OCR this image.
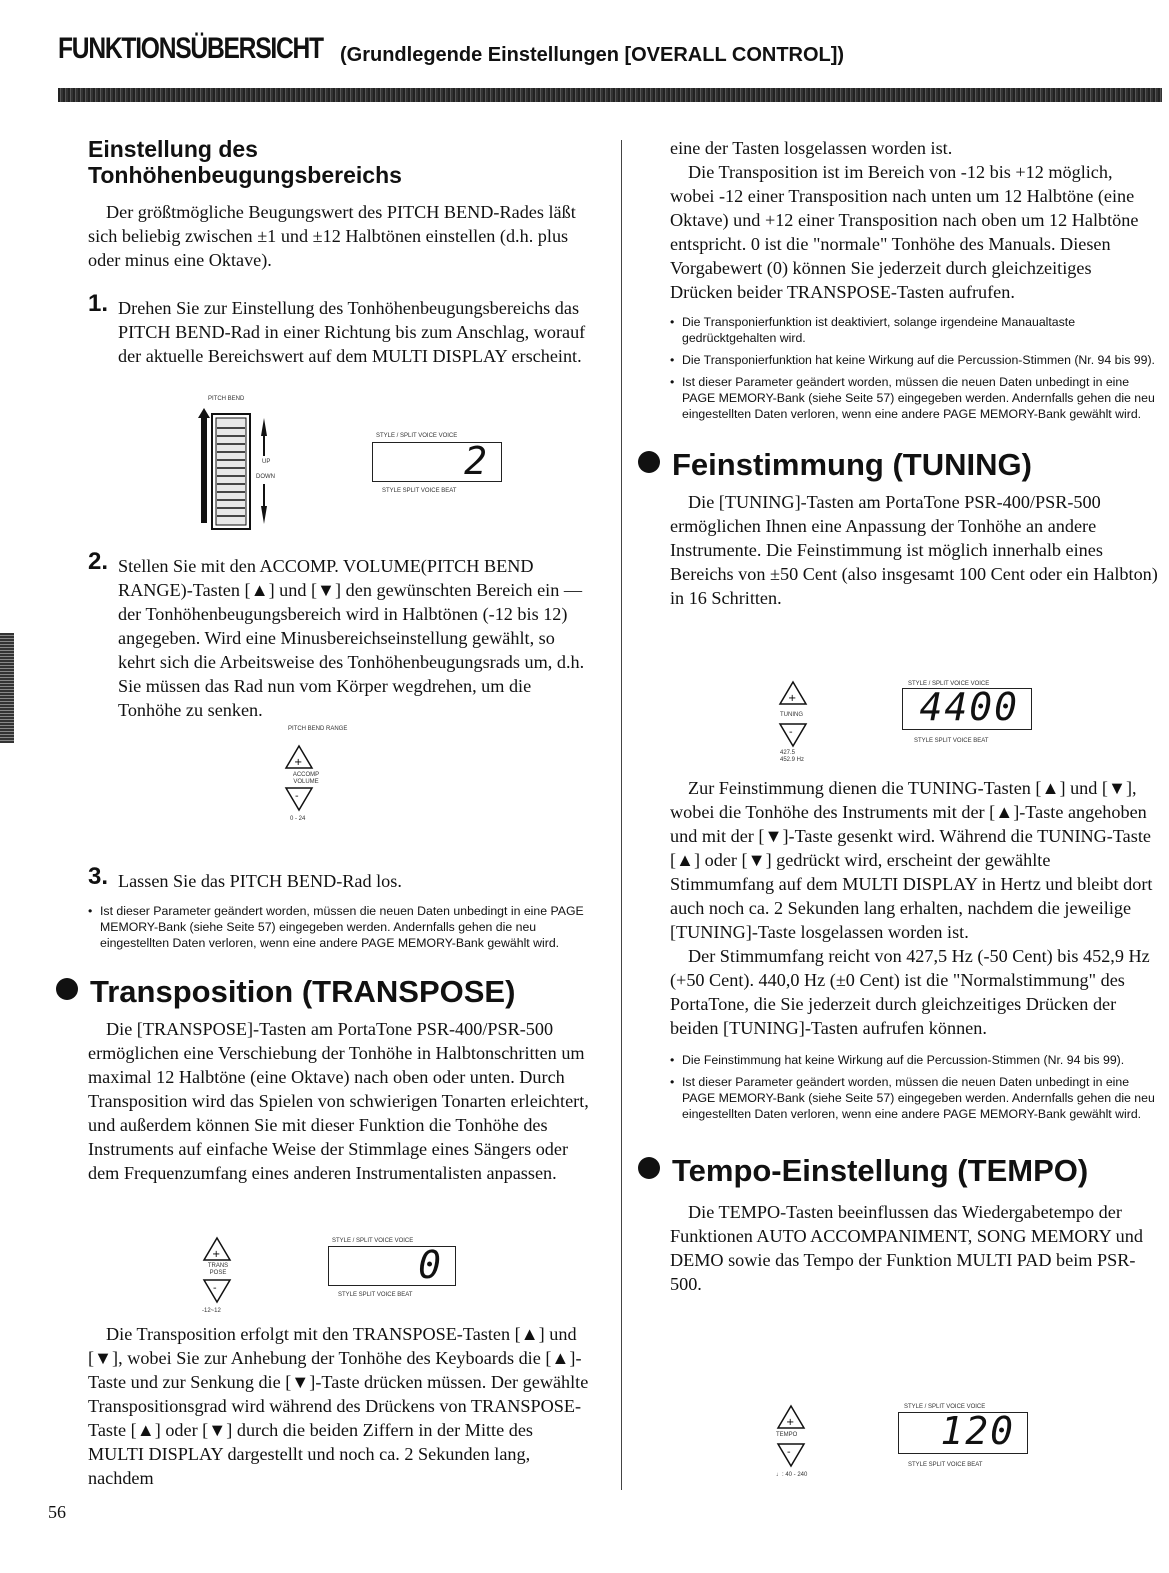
FUNKTIONSÜBERSICHT (Grundlegende Einstellungen [OVERALL CONTROL])
Einstellung des
Tonhöhenbeugungsbereichs

Der größtmögliche Beugungswert des PITCH BEND-Rades läßt sich beliebig zwischen ±1 und ±12 Halbtönen einstellen (d.h. plus oder minus eine Oktave).

1. Drehen Sie zur Einstellung des Tonhöhenbeugungsbereichs das PITCH BEND-Rad in einer Richtung bis zum Anschlag, worauf der aktuelle Bereichswert auf dem MULTI DISPLAY erscheint.

PITCH BEND
UP
DOWN
STYLE / SPLIT VOICE VOICE
2
STYLE SPLIT VOICE BEAT
2. Stellen Sie mit den ACCOMP. VOLUME(PITCH BEND RANGE)-Tasten [▲] und [▼] den gewünschten Bereich ein — der Tonhöhenbeugungsbereich wird in Halbtönen (-12 bis 12) angegeben. Wird eine Minusbereichseinstellung gewählt, so kehrt sich die Arbeitsweise des Tonhöhenbeugungsrads um, d.h. Sie müssen das Rad nun vom Körper wegdrehen, um die Tonhöhe zu senken.

PITCH BEND RANGE
+
ACCOMP VOLUME
-
0 - 24
3. Lassen Sie das PITCH BEND-Rad los.

• Ist dieser Parameter geändert worden, müssen die neuen Daten unbedingt in eine PAGE MEMORY-Bank (siehe Seite 57) eingegeben werden. Andernfalls gehen die neu eingestellten Daten verloren, wenn eine andere PAGE MEMORY-Bank gewählt wird.

Transposition (TRANSPOSE)

Die [TRANSPOSE]-Tasten am PortaTone PSR-400/PSR-500 ermöglichen eine Verschiebung der Tonhöhe in Halbtonschritten um maximal 12 Halbtöne (eine Oktave) nach oben oder unten. Durch Transposition wird das Spielen von schwierigen Tonarten erleichtert, und außerdem können Sie mit dieser Funktion die Tonhöhe des Instruments auf einfache Weise der Stimmlage eines Sängers oder dem Frequenzumfang eines anderen Instrumentalisten anpassen.

+
TRANS POSE
-
-12~12
STYLE / SPLIT VOICE VOICE
0
STYLE SPLIT VOICE BEAT

Die Transposition erfolgt mit den TRANSPOSE-Tasten [▲] und [▼], wobei Sie zur Anhebung der Tonhöhe des Keyboards die [▲]-Taste und zur Senkung die [▼]-Taste drücken müssen. Der gewählte Transpositionsgrad wird während des Drückens von TRANSPOSE-Taste [▲] oder [▼] durch die beiden Ziffern in der Mitte des MULTI DISPLAY dargestellt und noch ca. 2 Sekunden lang, nachdem

eine der Tasten losgelassen worden ist.

Die Transposition ist im Bereich von -12 bis +12 möglich, wobei -12 einer Transposition nach unten um 12 Halbtöne (eine Oktave) und +12 einer Transposition nach oben um 12 Halbtöne entspricht. 0 ist die "normale" Tonhöhe des Manuals. Diesen Vorgabewert (0) können Sie jederzeit durch gleichzeitiges Drücken beider TRANSPOSE-Tasten aufrufen.

• Die Transponierfunktion ist deaktiviert, solange irgendeine Manaualtaste gedrücktgehalten wird.

• Die Transponierfunktion hat keine Wirkung auf die Percussion-Stimmen (Nr. 94 bis 99).

• Ist dieser Parameter geändert worden, müssen die neuen Daten unbedingt in eine PAGE MEMORY-Bank (siehe Seite 57) eingegeben werden. Andernfalls gehen die neu eingestellten Daten verloren, wenn eine andere PAGE MEMORY-Bank gewählt wird.

Feinstimmung (TUNING)

Die [TUNING]-Tasten am PortaTone PSR-400/PSR-500 ermöglichen Ihnen eine Anpassung der Tonhöhe an andere Instrumente. Die Feinstimmung ist möglich innerhalb eines Bereichs von ±50 Cent (also insgesamt 100 Cent oder ein Halbton) in 16 Schritten.

+
TUNING
-
427.5 452.9 Hz
STYLE / SPLIT VOICE VOICE
4400
STYLE SPLIT VOICE BEAT

Zur Feinstimmung dienen die TUNING-Tasten [▲] und [▼], wobei die Tonhöhe des Instruments mit der [▲]-Taste angehoben und mit der [▼]-Taste gesenkt wird. Während die TUNING-Taste [▲] oder [▼] gedrückt wird, erscheint der gewählte Stimmumfang auf dem MULTI DISPLAY in Hertz und bleibt dort auch noch ca. 2 Sekunden lang erhalten, nachdem die jeweilige [TUNING]-Taste losgelassen worden ist.

Der Stimmumfang reicht von 427,5 Hz (-50 Cent) bis 452,9 Hz (+50 Cent). 440,0 Hz (±0 Cent) ist die "Normalstimmung" des PortaTone, die Sie jederzeit durch gleichzeitiges Drücken der beiden [TUNING]-Tasten aufrufen können.

• Die Feinstimmung hat keine Wirkung auf die Percussion-Stimmen (Nr. 94 bis 99).

• Ist dieser Parameter geändert worden, müssen die neuen Daten unbedingt in eine PAGE MEMORY-Bank (siehe Seite 57) eingegeben werden. Andernfalls gehen die neu eingestellten Daten verloren, wenn eine andere PAGE MEMORY-Bank gewählt wird.

Tempo-Einstellung (TEMPO)

Die TEMPO-Tasten beeinflussen das Wiedergabetempo der Funktionen AUTO ACCOMPANIMENT, SONG MEMORY und DEMO sowie das Tempo der Funktion MULTI PAD beim PSR-500.

+
TEMPO
-
♩: 40 - 240
STYLE / SPLIT VOICE VOICE
120
STYLE SPLIT VOICE BEAT
56
